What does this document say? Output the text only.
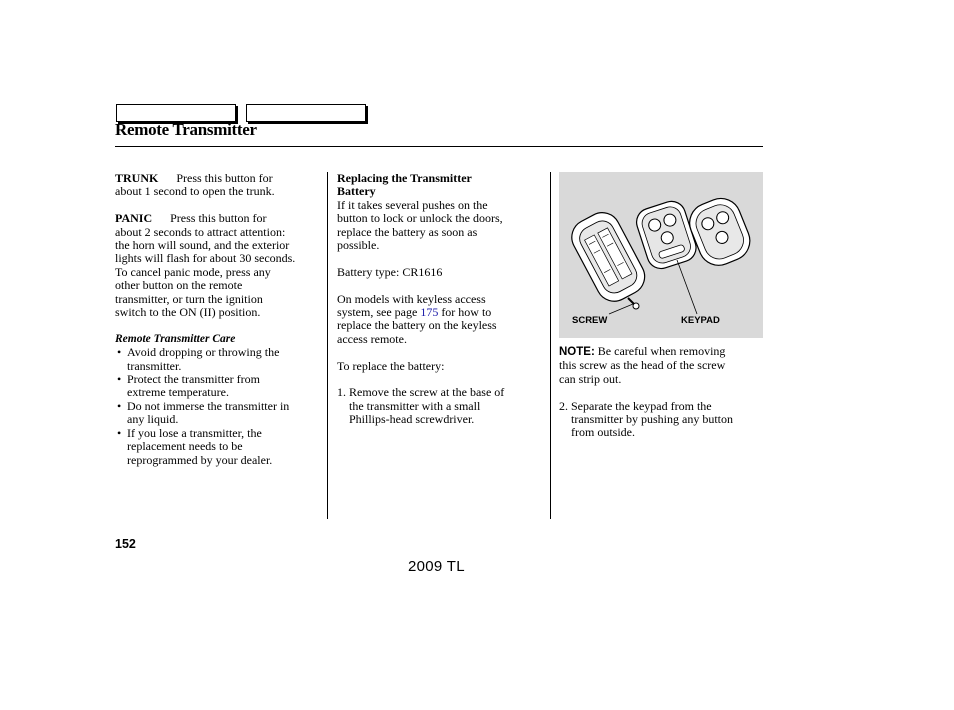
Remote Transmitter

TRUNK Press this button for
about 1 second to open the trunk.

PANIC Press this button for
about 2 seconds to attract attention:
the horn will sound, and the exterior
lights will flash for about 30 seconds.
To cancel panic mode, press any
other button on the remote
transmitter, or turn the ignition
switch to the ON (II) position.

Remote Transmitter Care

• Avoid dropping or throwing the
transmitter.
• Protect the transmitter from
extreme temperature.
• Do not immerse the transmitter in
any liquid.
• If you lose a transmitter, the
replacement needs to be
reprogrammed by your dealer.

Replacing the Transmitter
Battery

If it takes several pushes on the
button to lock or unlock the doors,
replace the battery as soon as
possible.

Battery type: CR1616

On models with keyless access
system, see page 175 for how to
replace the battery on the keyless
access remote.

To replace the battery:

1. Remove the screw at the base of
the transmitter with a small
Phillips-head screwdriver.
SCREW	KEYPAD

NOTE: Be careful when removing
this screw as the head of the screw
can strip out.

2. Separate the keypad from the
transmitter by pushing any button
from outside.
152
2009 TL
